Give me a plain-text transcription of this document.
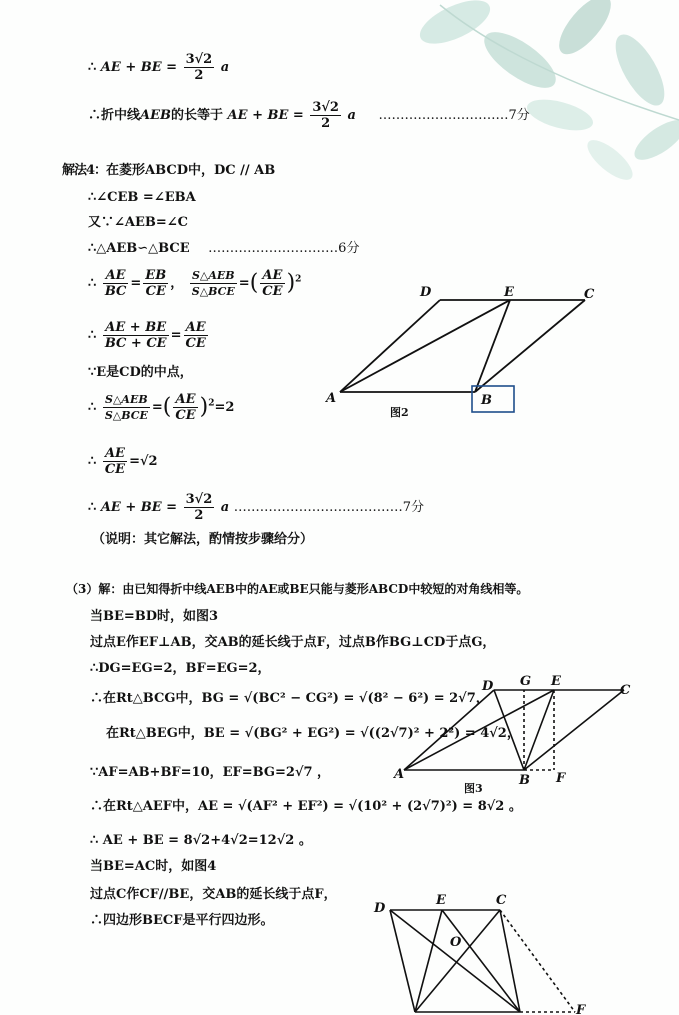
∴ AE + BE = $\frac{3√2}{2}$ a
∴折中线AEB的长等于 AE + BE = $\frac{3√2}{2}$ a …………………………7分
解法4：在菱形ABCD中，DC // AB
∴∠CEB =∠EBA
又∵∠AEB=∠C
∴△AEB∽△BCE …………………………6分
∴ $\frac{AE}{BC} = \frac{EB}{CE}$ ， $\frac{\text{S△AEB}}{\text{S△BCE}}$ =( $\frac{AE}{CE} )^2$
∴ $\frac{AE + BE}{BC + CE} = \frac{AE}{CE}$
∵E是CD的中点，
∴ $\frac{\text{S△AEB}}{\text{S△BCE}}$ =( $\frac{AE}{CE} )^2=2$
∴ $\frac{AE}{CE} =√2$
∴ AE + BE = $\frac{3√2}{2}$ a …………………………………7分
（说明：其它解法，酌情按步骤给分）
（3）解：由已知得折中线AEB中的AE或BE只能与菱形ABCD中较短的对角线相等。
当BE=BD时，如图3
过点E作EF⊥AB，交AB的延长线于点F，过点B作BG⊥CD于点G，
∴DG=EG=2，BF=EG=2，
∴在Rt△BCG中，BG = √(BC² − CG²) = √(8² − 6²) = 2√7，
在Rt△BEG中，BE = √(BG² + EG²) = √((2√7)² + 2²) = 4√2，
∵AF=AB+BF=10，EF=BG=2√7 ，
∴在Rt△AEF中，AE = √(AF² + EF²) = √(10² + (2√7)²) = 8√2 。
∴ AE + BE = 8√2+4√2=12√2 。
当BE=AC时，如图4
过点C作CF//BE，交AB的延长线于点F，
∴四边形BECF是平行四边形。
D	E	C
A	B
图2
D G E
C
A	B F
图3
D
E	C
O
F
